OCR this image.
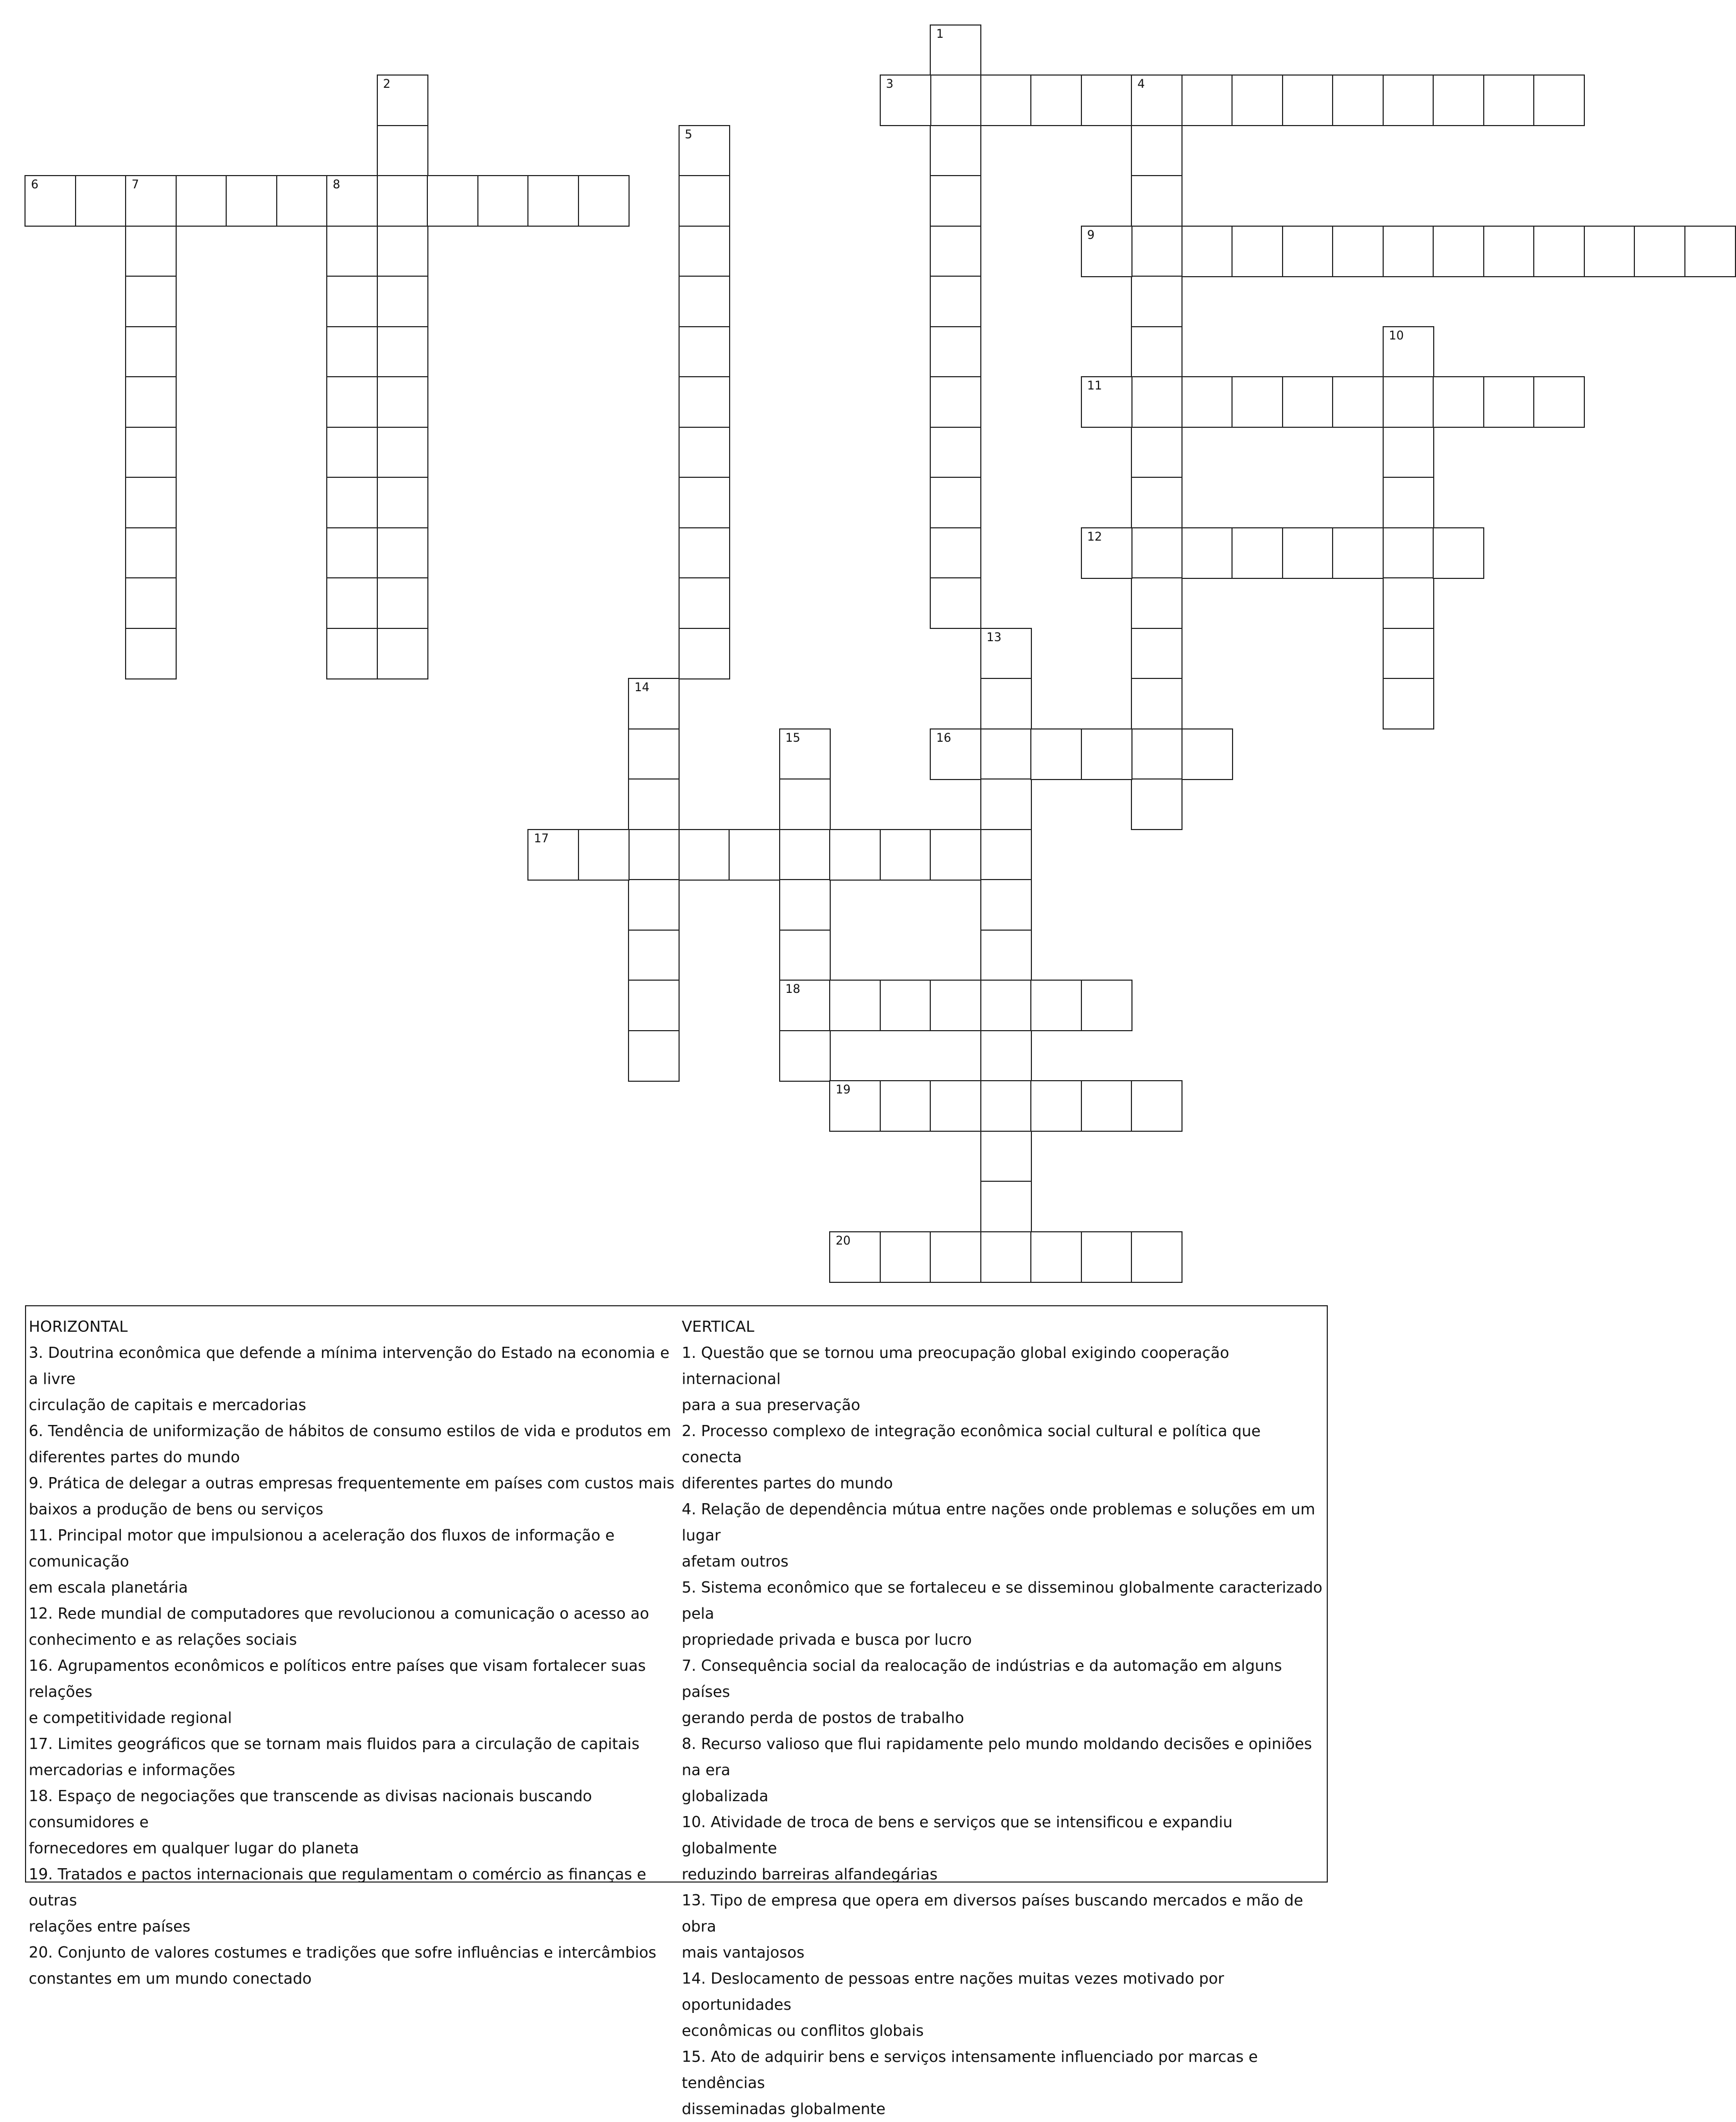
1
2	3	4
5
6	7	8
9
10
11
12
13
14
15
18
16
17
19
20
HORIZONTAL
3. Doutrina econômica que defende a mínima intervenção do Estado na economia e a livre
circulação de capitais e mercadorias
6. Tendência de uniformização de hábitos de consumo estilos de vida e produtos em
diferentes partes do mundo
9. Prática de delegar a outras empresas frequentemente em países com custos mais
baixos a produção de bens ou serviços
11. Principal motor que impulsionou a aceleração dos fluxos de informação e comunicação
em escala planetária
12. Rede mundial de computadores que revolucionou a comunicação o acesso ao
conhecimento e as relações sociais
16. Agrupamentos econômicos e políticos entre países que visam fortalecer suas relações
e competitividade regional
17. Limites geográficos que se tornam mais fluidos para a circulação de capitais
mercadorias e informações
18. Espaço de negociações que transcende as divisas nacionais buscando consumidores e
fornecedores em qualquer lugar do planeta
19. Tratados e pactos internacionais que regulamentam o comércio as finanças e outras
relações entre países
20. Conjunto de valores costumes e tradições que sofre influências e intercâmbios
constantes em um mundo conectado
VERTICAL
1. Questão que se tornou uma preocupação global exigindo cooperação internacional
para a sua preservação
2. Processo complexo de integração econômica social cultural e política que conecta
diferentes partes do mundo
4. Relação de dependência mútua entre nações onde problemas e soluções em um lugar
afetam outros
5. Sistema econômico que se fortaleceu e se disseminou globalmente caracterizado pela
propriedade privada e busca por lucro
7. Consequência social da realocação de indústrias e da automação em alguns países
gerando perda de postos de trabalho
8. Recurso valioso que flui rapidamente pelo mundo moldando decisões e opiniões na era
globalizada
10. Atividade de troca de bens e serviços que se intensificou e expandiu globalmente
reduzindo barreiras alfandegárias
13. Tipo de empresa que opera em diversos países buscando mercados e mão de obra
mais vantajosos
14. Deslocamento de pessoas entre nações muitas vezes motivado por oportunidades
econômicas ou conflitos globais
15. Ato de adquirir bens e serviços intensamente influenciado por marcas e tendências
disseminadas globalmente
